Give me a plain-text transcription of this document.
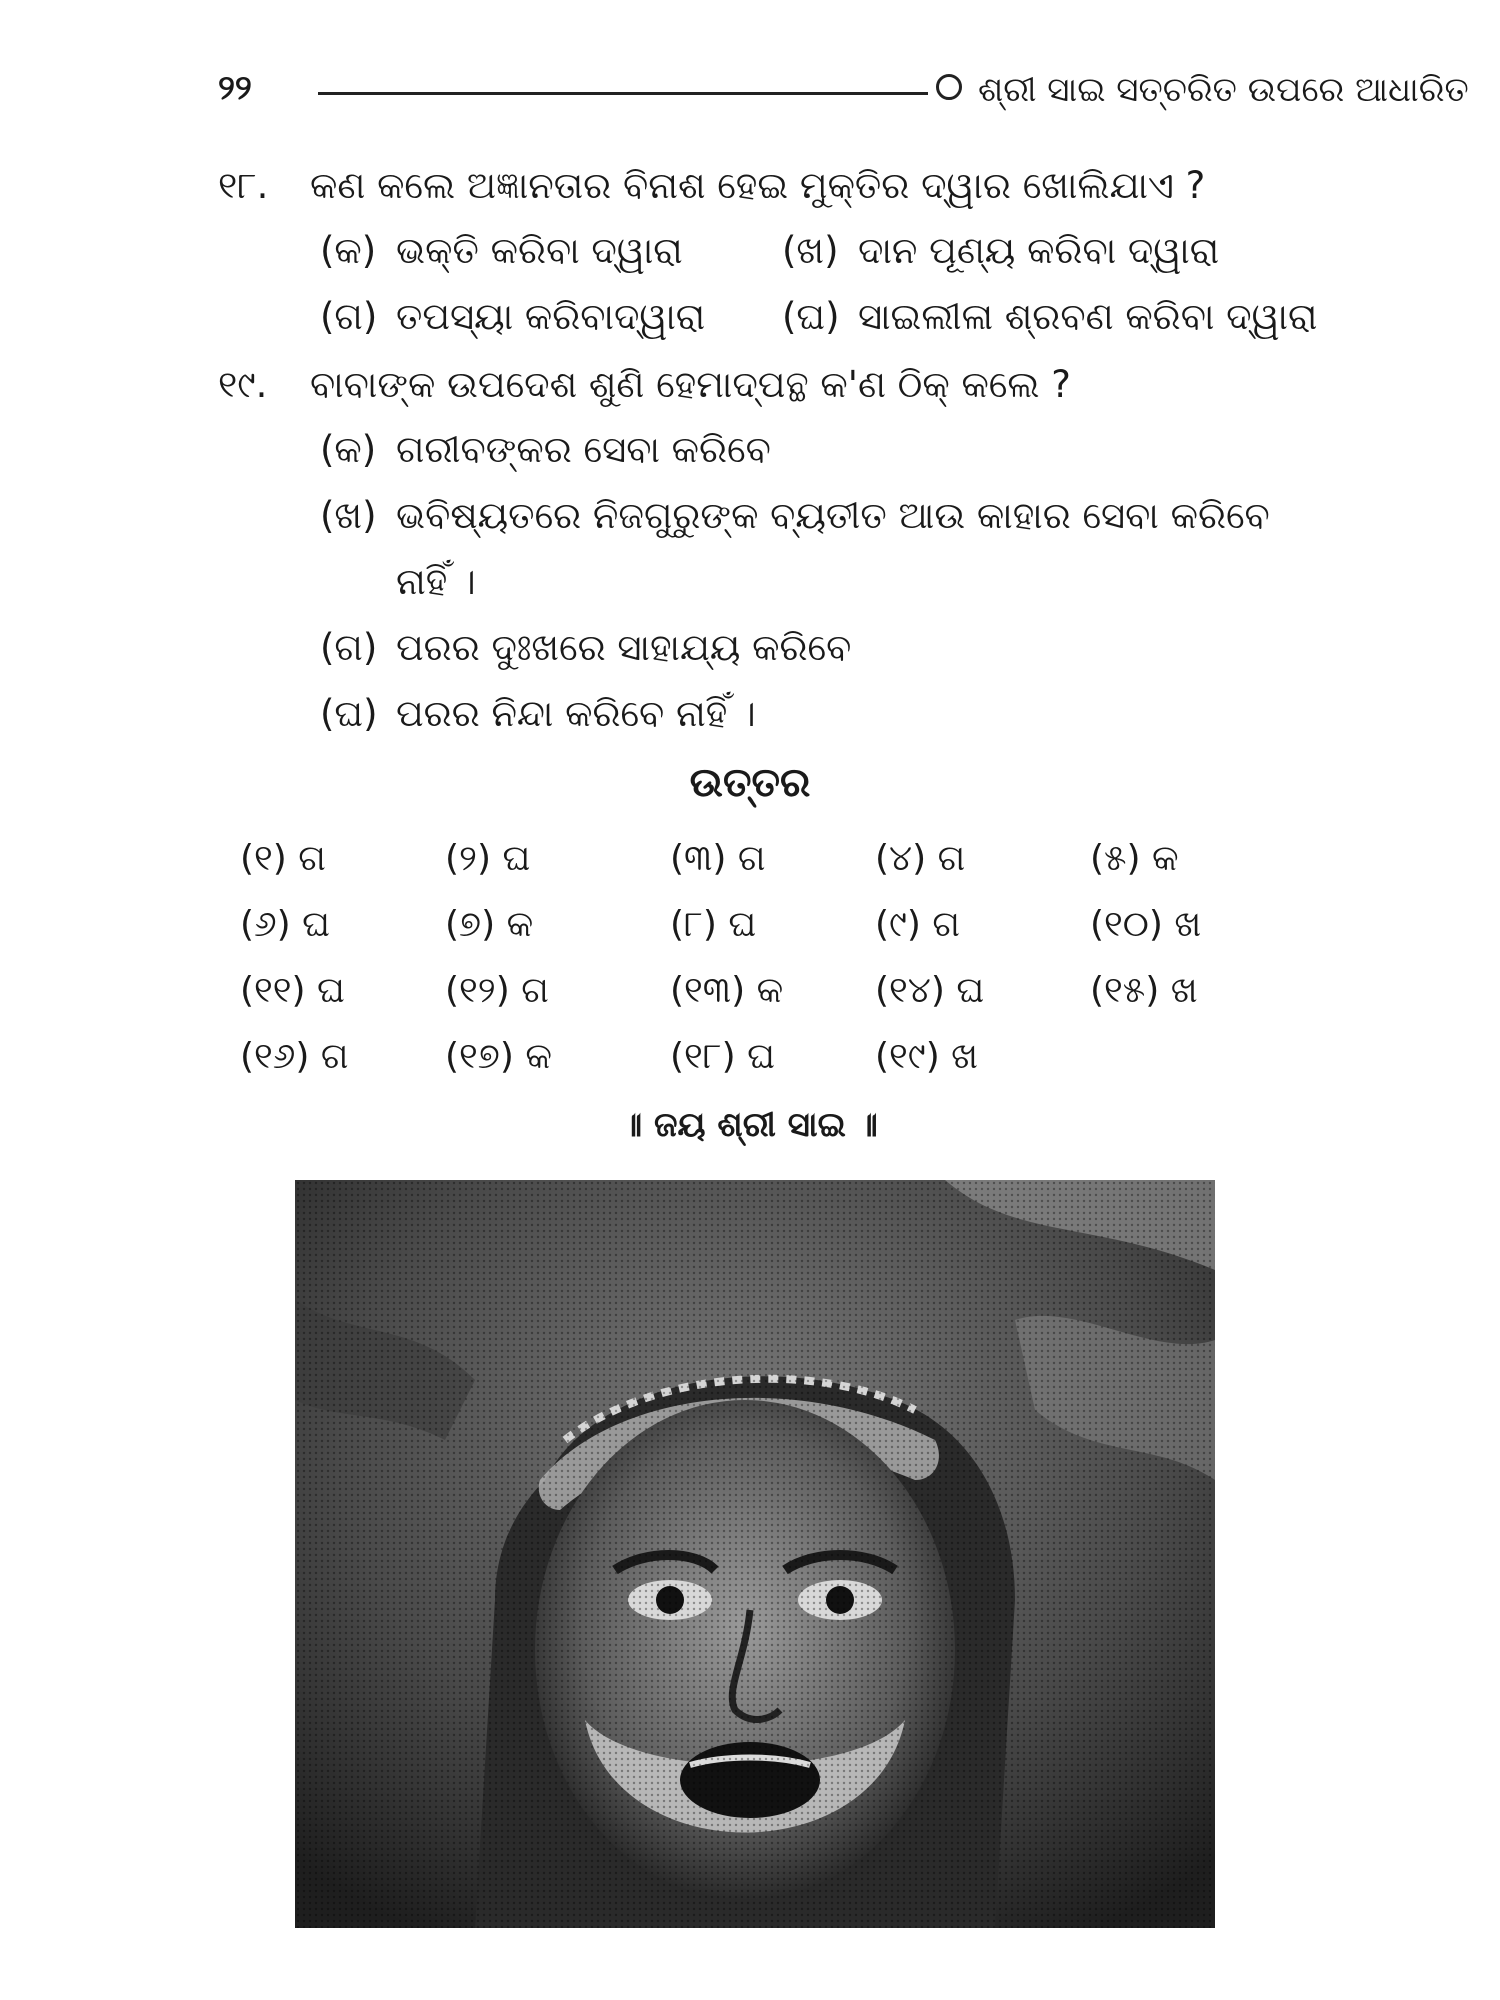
୨୨	ଶ୍ରୀ ସାଇ ସତ୍‌ଚରିତ ଉପରେ ଆଧାରିତ
୧୮. କଣ କଲେ ଅଜ୍ଞାନତାର ବିନାଶ ହେଇ ମୁକ୍ତିର ଦ୍ୱାର ଖୋଲିଯାଏ ?
(କ) ଭକ୍ତି କରିବା ଦ୍ୱାରା	(ଖ) ଦାନ ପୂଣ୍ୟ କରିବା ଦ୍ୱାରା
(ଗ) ତପସ୍ୟା କରିବାଦ୍ୱାରା (ଘ) ସାଇଲୀଳା ଶ୍ରବଣ କରିବା ଦ୍ୱାରା
୧୯. ବାବାଙ୍କ ଉପଦେଶ ଶୁଣି ହେମାଦ୍‌ପନ୍ଥ କ'ଣ ଠିକ୍ କଲେ ?
(କ) ଗରୀବଙ୍କର ସେବା କରିବେ
(ଖ) ଭବିଷ୍ୟତରେ ନିଜଗୁରୁଙ୍କ ବ୍ୟତୀତ ଆଉ କାହାର ସେବା କରିବେ
ନାହିଁ ।
(ଗ) ପରର ଦୁଃଖରେ ସାହାଯ୍ୟ କରିବେ
(ଘ) ପରର ନିନ୍ଦା କରିବେ ନାହିଁ ।
ଉତ୍ତର
(୧) ଗ	(୨) ଘ	(୩) ଗ	(୪) ଗ	(୫) କ
(୬) ଘ	(୭) କ	(୮) ଘ	(୯) ଗ	(୧୦) ଖ
(୧୧) ଘ	(୧୨) ଗ	(୧୩) କ	(୧୪) ଘ	(୧୫) ଖ
(୧୬) ଗ	(୧୭) କ	(୧୮) ଘ	(୧୯) ଖ
॥ ଜୟ ଶ୍ରୀ ସାଇ ॥
